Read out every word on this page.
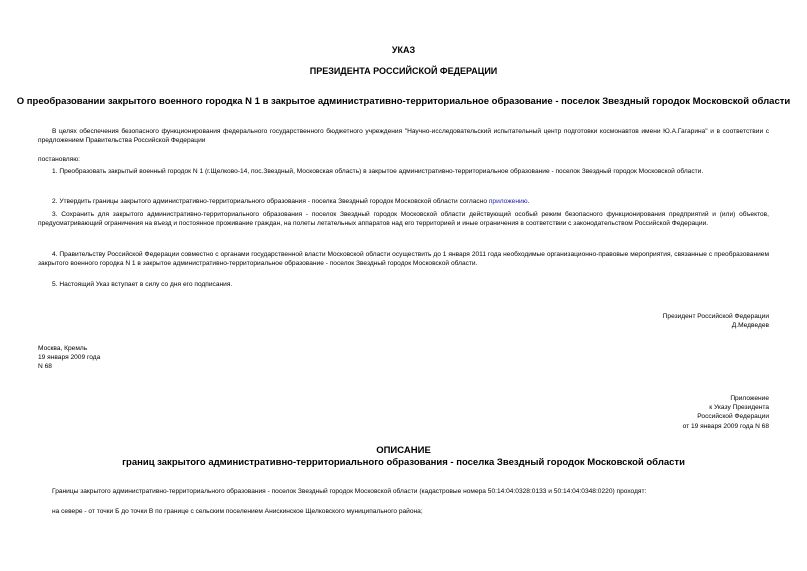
УКАЗ
ПРЕЗИДЕНТА РОССИЙСКОЙ ФЕДЕРАЦИИ
О преобразовании закрытого военного городка N 1 в закрытое административно-территориальное образование - поселок Звездный городок Московской области
В целях обеспечения безопасного функционирования федерального государственного бюджетного учреждения "Научно-исследовательский испытательный центр подготовки космонавтов имени Ю.А.Гагарина" и в соответствии с предложением Правительства Российской Федерации
постановляю:
1. Преобразовать закрытый военный городок N 1 (г.Щелково-14, пос.Звездный, Московская область) в закрытое административно-территориальное образование - поселок Звездный городок Московской области.
2. Утвердить границы закрытого административно-территориального образования - поселка Звездный городок Московской области согласно приложению.
3. Сохранить для закрытого административно-территориального образования - поселок Звездный городок Московской области действующий особый режим безопасного функционирования предприятий и (или) объектов, предусматривающий ограничения на въезд и постоянное проживание граждан, на полеты летательных аппаратов над его территорией и иные ограничения в соответствии с законодательством Российской Федерации.
4. Правительству Российской Федерации совместно с органами государственной власти Московской области осуществить до 1 января 2011 года необходимые организационно-правовые мероприятия, связанные с преобразованием закрытого военного городка N 1 в закрытое административно-территориальное образование - поселок Звездный городок Московской области.
5. Настоящий Указ вступает в силу со дня его подписания.
Президент Российской Федерации
Д.Медведев
Москва, Кремль
19 января 2009 года
N 68
Приложение
к Указу Президента
Российской Федерации
от 19 января 2009 года N 68
ОПИСАНИЕ
границ закрытого административно-территориального образования - поселка Звездный городок Московской области
Границы закрытого административно-территориального образования - поселок Звездный городок Московской области (кадастровые номера 50:14:04:0328:0133 и 50:14:04:0348:0220) проходят:
на севере - от точки Б до точки В по границе с сельским поселением Анискинское Щелковского муниципального района;
